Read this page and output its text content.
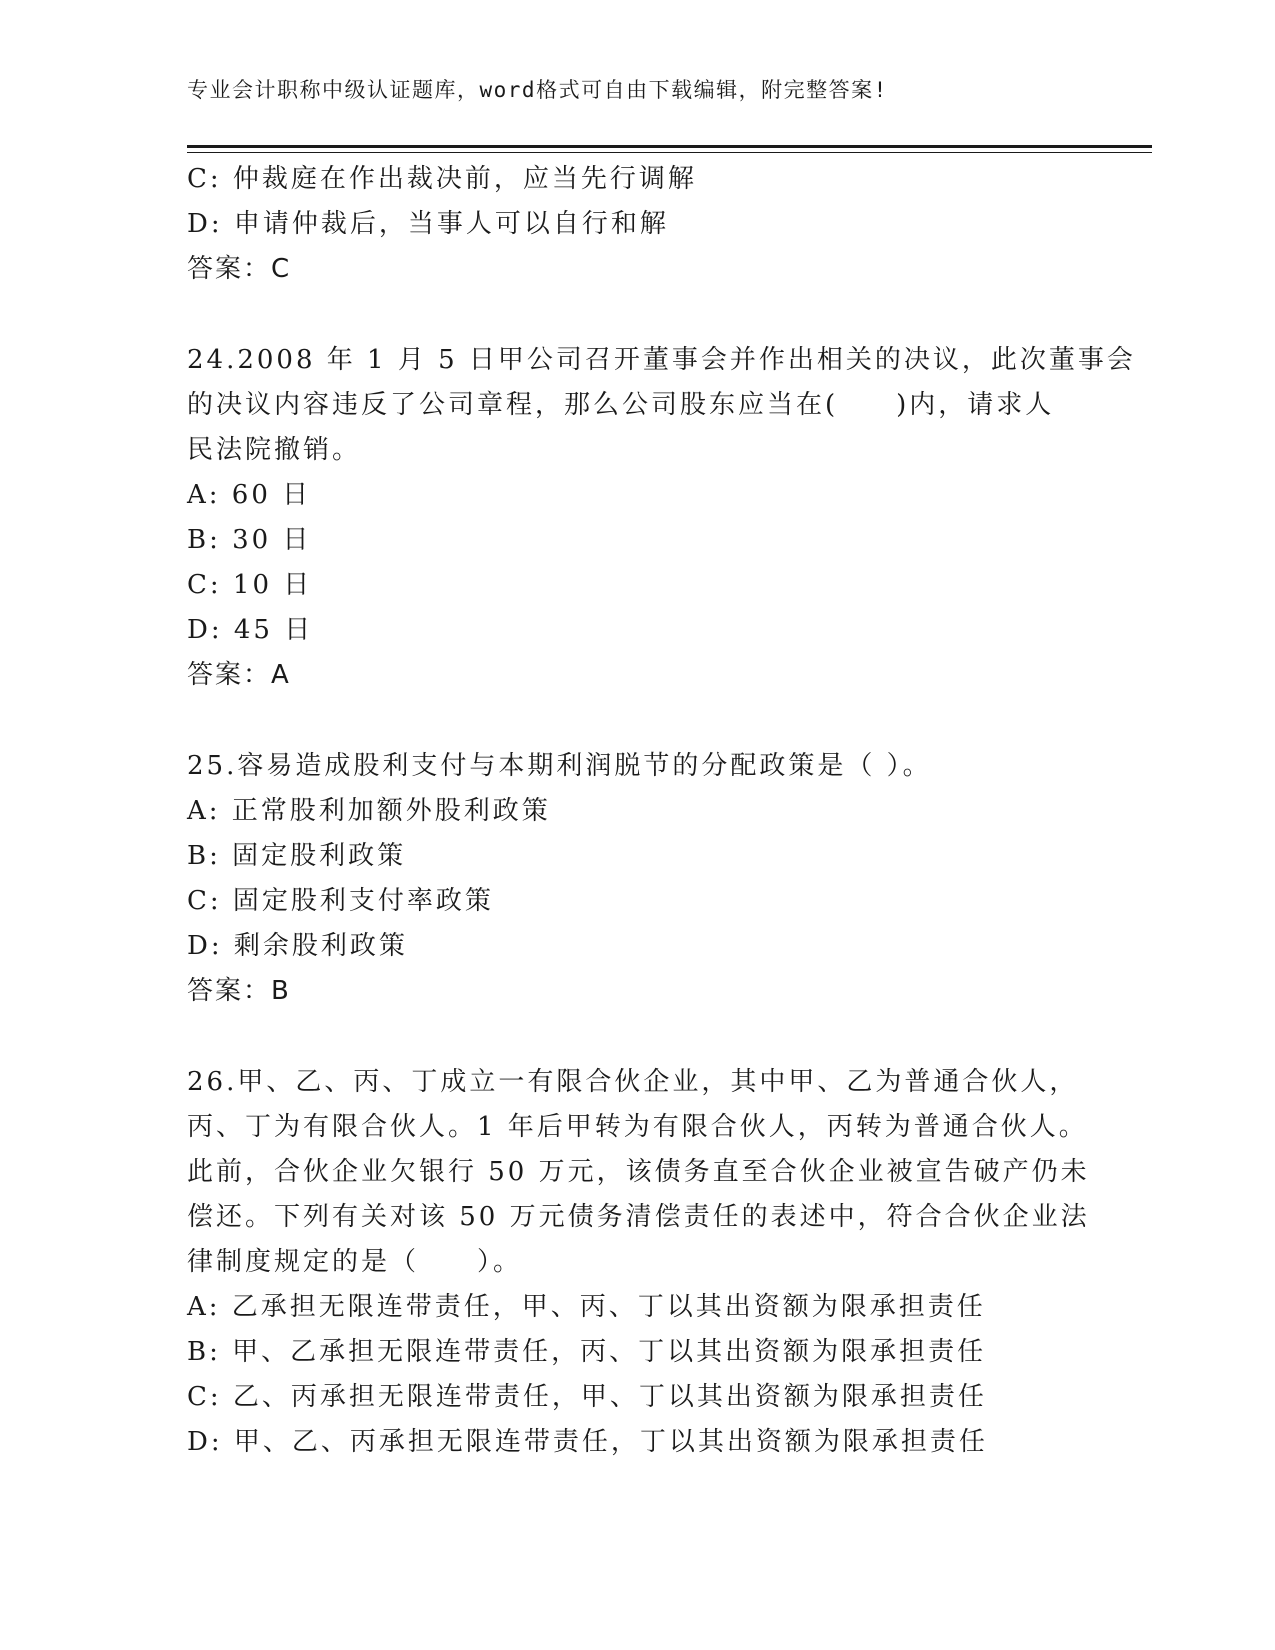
专业会计职称中级认证题库，word格式可自由下载编辑，附完整答案!
C: 仲裁庭在作出裁决前，应当先行调解
D: 申请仲裁后，当事人可以自行和解
答案：C
24.2008 年 1 月 5 日甲公司召开董事会并作出相关的决议，此次董事会
的决议内容违反了公司章程，那么公司股东应当在(　　)内，请求人
民法院撤销。
A: 60 日
B: 30 日
C: 10 日
D: 45 日
答案：A
25.容易造成股利支付与本期利润脱节的分配政策是（ ）。
A: 正常股利加额外股利政策
B: 固定股利政策
C: 固定股利支付率政策
D: 剩余股利政策
答案：B
26.甲、乙、丙、丁成立一有限合伙企业，其中甲、乙为普通合伙人，
丙、丁为有限合伙人。1 年后甲转为有限合伙人，丙转为普通合伙人。
此前，合伙企业欠银行 50 万元，该债务直至合伙企业被宣告破产仍未
偿还。下列有关对该 50 万元债务清偿责任的表述中，符合合伙企业法
律制度规定的是（　　）。
A: 乙承担无限连带责任，甲、丙、丁以其出资额为限承担责任
B: 甲、乙承担无限连带责任，丙、丁以其出资额为限承担责任
C: 乙、丙承担无限连带责任，甲、丁以其出资额为限承担责任
D: 甲、乙、丙承担无限连带责任，丁以其出资额为限承担责任
